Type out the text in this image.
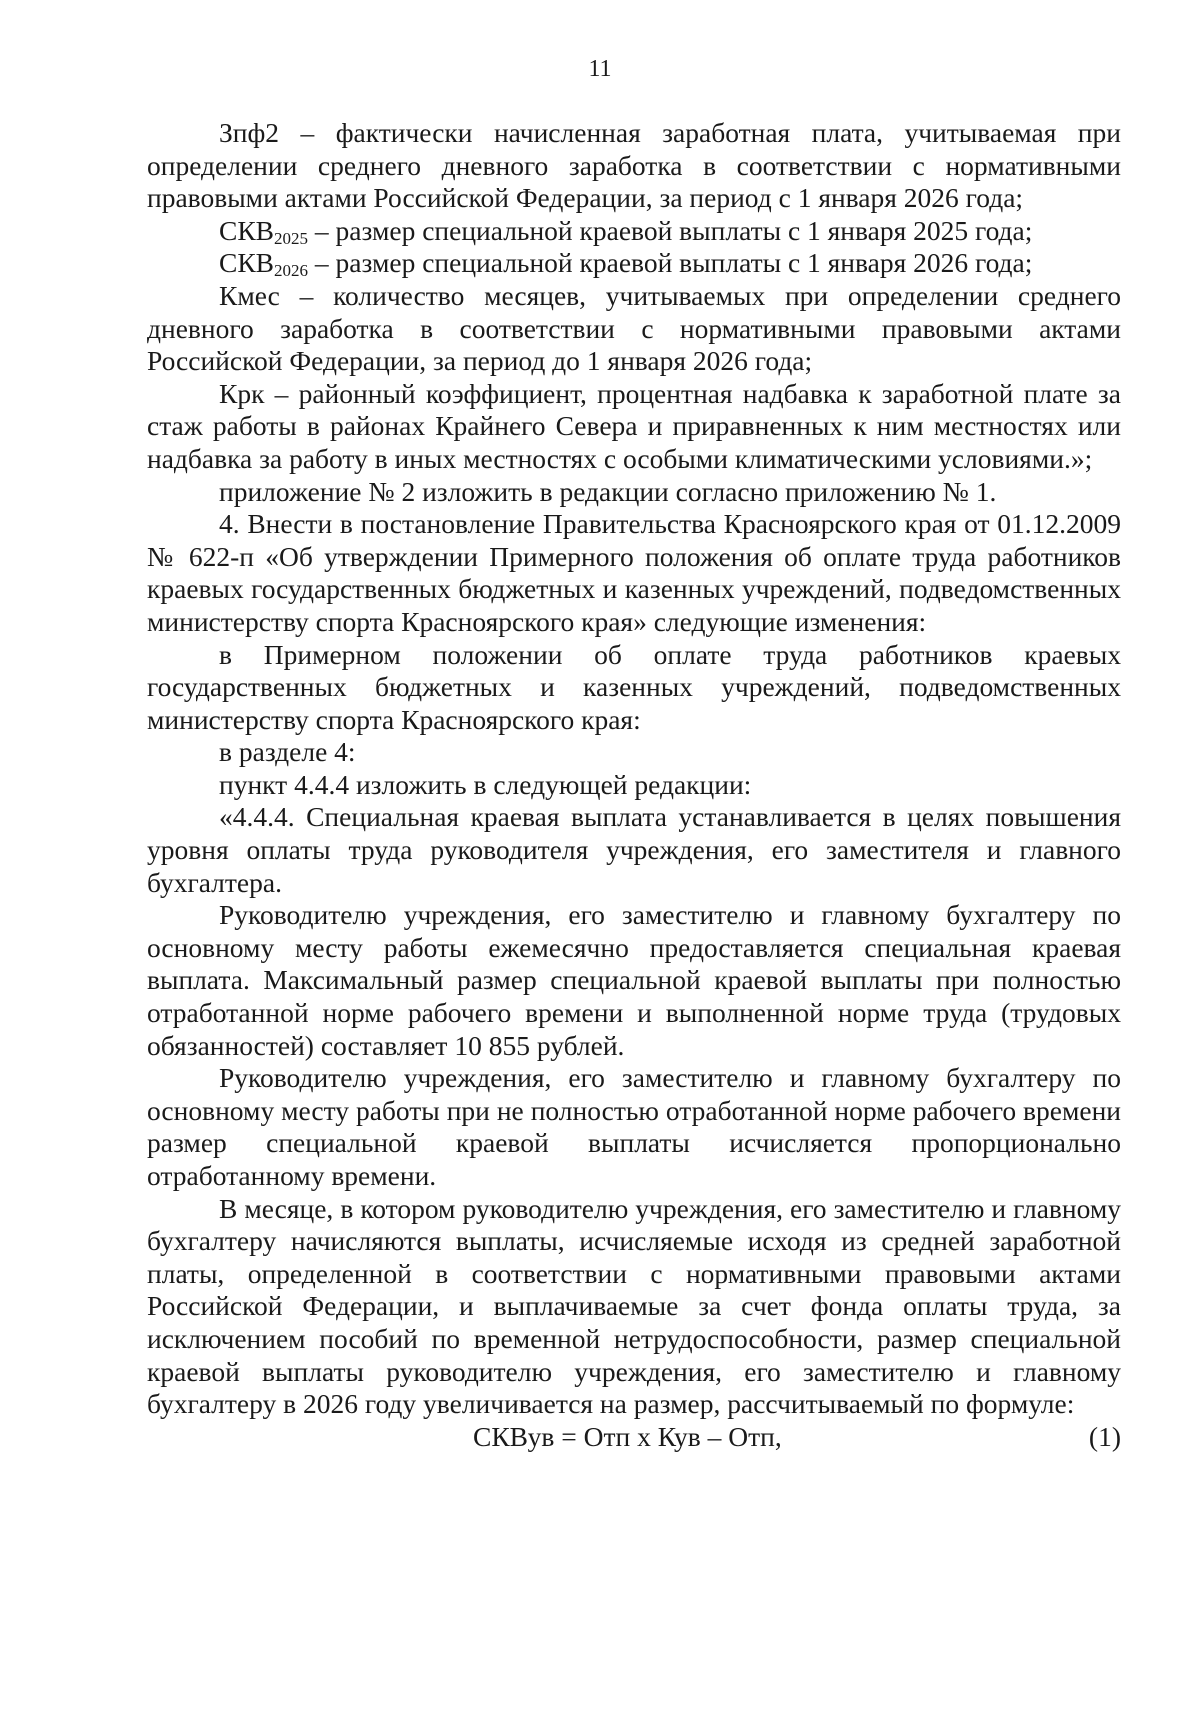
11

Зпф2 – фактически начисленная заработная плата, учитываемая при определении среднего дневного заработка в соответствии с нормативными правовыми актами Российской Федерации, за период с 1 января 2026 года;

$СКВ_{2025}$ – размер специальной краевой выплаты с 1 января 2025 года;

$СКВ_{2026}$ – размер специальной краевой выплаты с 1 января 2026 года;

Кмес – количество месяцев, учитываемых при определении среднего дневного заработка в соответствии с нормативными правовыми актами Российской Федерации, за период до 1 января 2026 года;

Крк – районный коэффициент, процентная надбавка к заработной плате за стаж работы в районах Крайнего Севера и приравненных к ним местностях или надбавка за работу в иных местностях с особыми климатическими условиями.»;

приложение № 2 изложить в редакции согласно приложению № 1.

4. Внести в постановление Правительства Красноярского края от 01.12.2009 № 622-п «Об утверждении Примерного положения об оплате труда работников краевых государственных бюджетных и казенных учреждений, подведомственных министерству спорта Красноярского края» следующие изменения:

в Примерном положении об оплате труда работников краевых государственных бюджетных и казенных учреждений, подведомственных министерству спорта Красноярского края:

в разделе 4:

пункт 4.4.4 изложить в следующей редакции:

«4.4.4. Специальная краевая выплата устанавливается в целях повышения уровня оплаты труда руководителя учреждения, его заместителя и главного бухгалтера.

Руководителю учреждения, его заместителю и главному бухгалтеру по основному месту работы ежемесячно предоставляется специальная краевая выплата. Максимальный размер специальной краевой выплаты при полностью отработанной норме рабочего времени и выполненной норме труда (трудовых обязанностей) составляет 10 855 рублей.

Руководителю учреждения, его заместителю и главному бухгалтеру по основному месту работы при не полностью отработанной норме рабочего времени размер специальной краевой выплаты исчисляется пропорционально отработанному времени.

В месяце, в котором руководителю учреждения, его заместителю и главному бухгалтеру начисляются выплаты, исчисляемые исходя из средней заработной платы, определенной в соответствии с нормативными правовыми актами Российской Федерации, и выплачиваемые за счет фонда оплаты труда, за исключением пособий по временной нетрудоспособности, размер специальной краевой выплаты руководителю учреждения, его заместителю и главному бухгалтеру в 2026 году увеличивается на размер, рассчитываемый по формуле:

СКВув = Отп х Кув – Отп,	(1)
